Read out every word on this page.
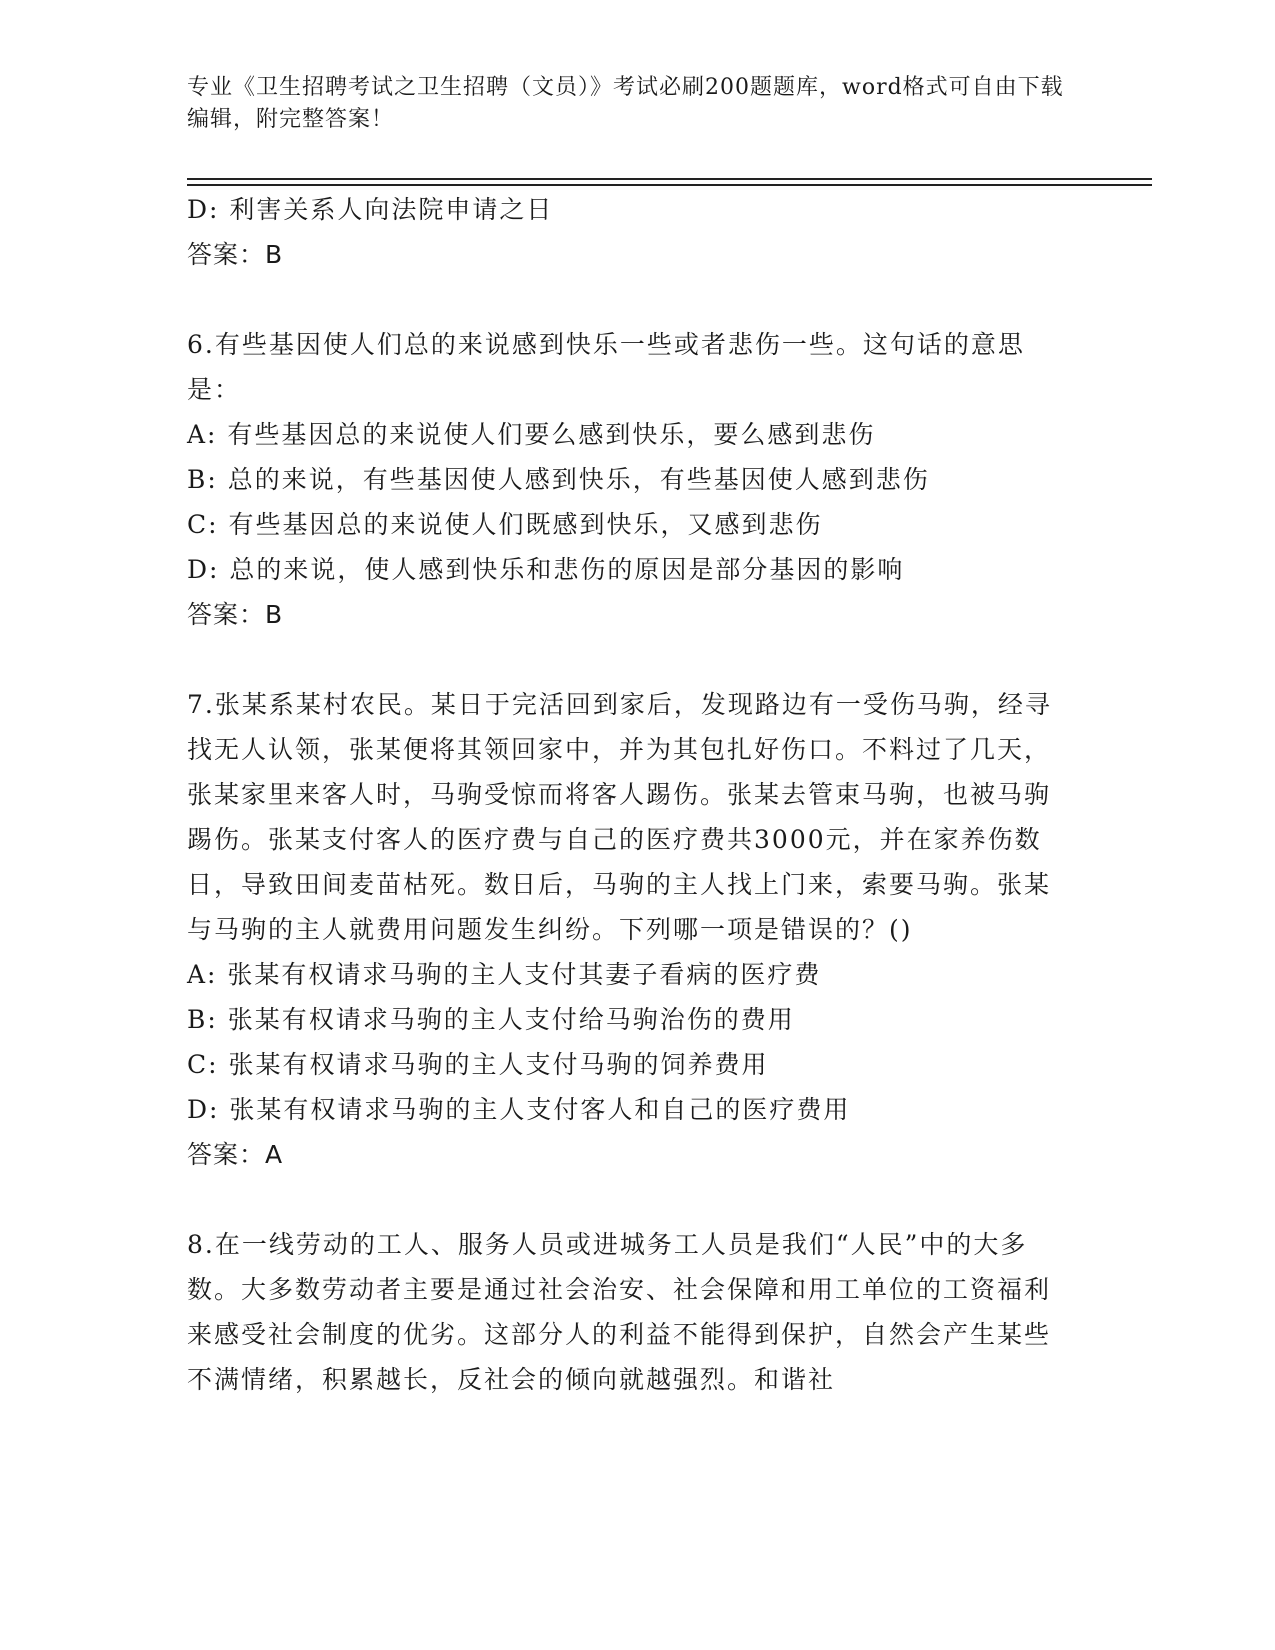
专业《卫生招聘考试之卫生招聘（文员）》考试必刷200题题库，word格式可自由下载编辑，附完整答案！

D: 利害关系人向法院申请之日

答案：B

6.有些基因使人们总的来说感到快乐一些或者悲伤一些。这句话的意思是：

A: 有些基因总的来说使人们要么感到快乐，要么感到悲伤

B: 总的来说，有些基因使人感到快乐，有些基因使人感到悲伤

C: 有些基因总的来说使人们既感到快乐，又感到悲伤

D: 总的来说，使人感到快乐和悲伤的原因是部分基因的影响

答案：B

7.张某系某村农民。某日于完活回到家后，发现路边有一受伤马驹，经寻找无人认领，张某便将其领回家中，并为其包扎好伤口。不料过了几天，张某家里来客人时，马驹受惊而将客人踢伤。张某去管束马驹，也被马驹踢伤。张某支付客人的医疗费与自己的医疗费共3000元，并在家养伤数日，导致田间麦苗枯死。数日后，马驹的主人找上门来，索要马驹。张某与马驹的主人就费用问题发生纠纷。下列哪一项是错误的？()

A: 张某有权请求马驹的主人支付其妻子看病的医疗费

B: 张某有权请求马驹的主人支付给马驹治伤的费用

C: 张某有权请求马驹的主人支付马驹的饲养费用

D: 张某有权请求马驹的主人支付客人和自己的医疗费用

答案：A

8.在一线劳动的工人、服务人员或进城务工人员是我们“人民”中的大多数。大多数劳动者主要是通过社会治安、社会保障和用工单位的工资福利来感受社会制度的优劣。这部分人的利益不能得到保护，自然会产生某些不满情绪，积累越长，反社会的倾向就越强烈。和谐社
